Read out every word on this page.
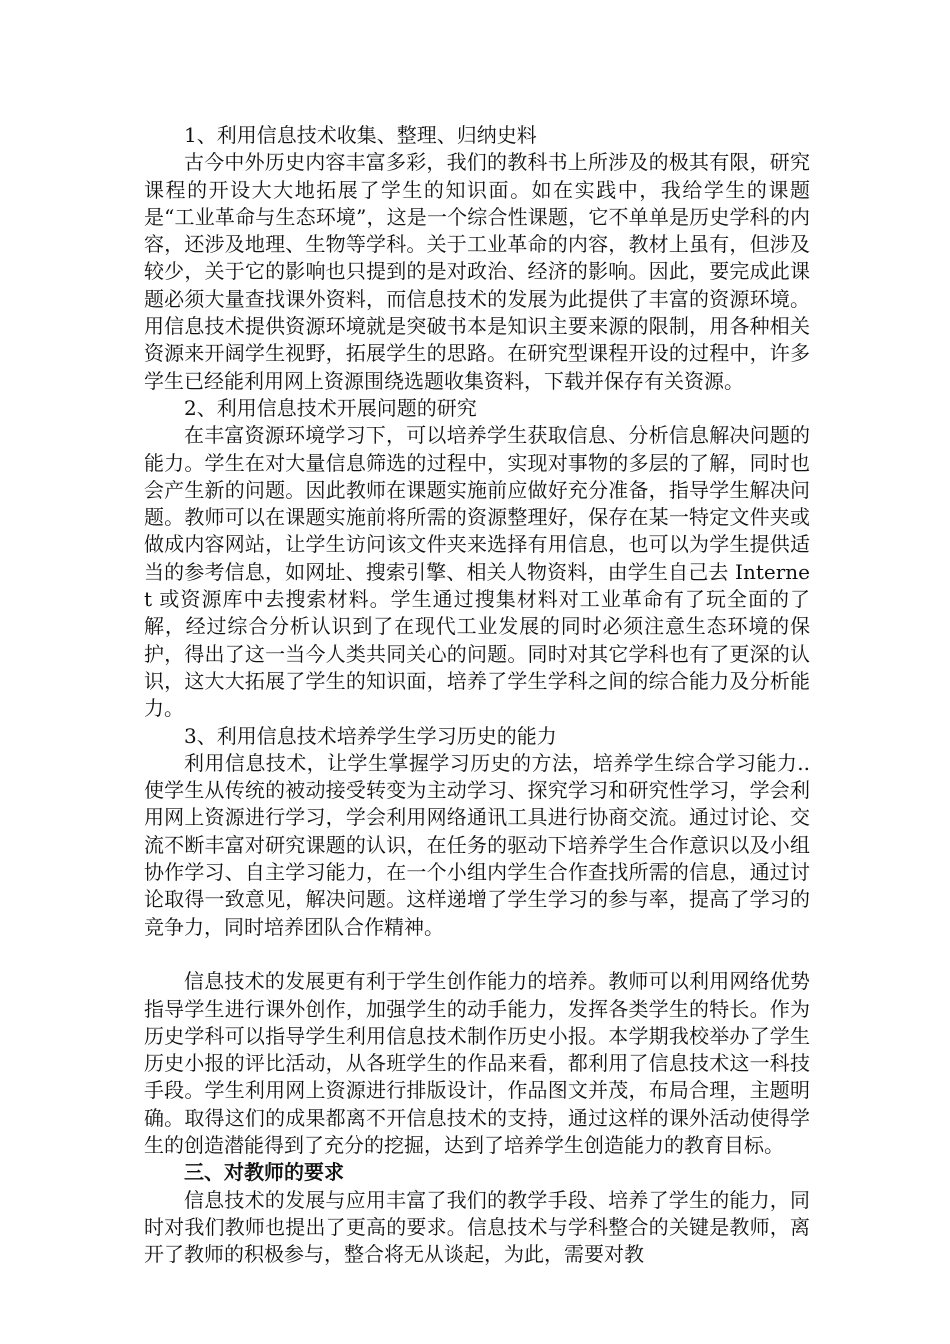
1、利用信息技术收集、整理、归纳史料

古今中外历史内容丰富多彩，我们的教科书上所涉及的极其有限，研究课程的开设大大地拓展了学生的知识面。如在实践中，我给学生的课题是“工业革命与生态环境”，这是一个综合性课题，它不单单是历史学科的内容，还涉及地理、生物等学科。关于工业革命的内容，教材上虽有，但涉及较少，关于它的影响也只提到的是对政治、经济的影响。因此，要完成此课题必须大量查找课外资料，而信息技术的发展为此提供了丰富的资源环境。用信息技术提供资源环境就是突破书本是知识主要来源的限制，用各种相关资源来开阔学生视野，拓展学生的思路。在研究型课程开设的过程中，许多学生已经能利用网上资源围绕选题收集资料，下载并保存有关资源。

2、利用信息技术开展问题的研究

在丰富资源环境学习下，可以培养学生获取信息、分析信息解决问题的能力。学生在对大量信息筛选的过程中，实现对事物的多层的了解，同时也会产生新的问题。因此教师在课题实施前应做好充分准备，指导学生解决问题。教师可以在课题实施前将所需的资源整理好，保存在某一特定文件夹或做成内容网站，让学生访问该文件夹来选择有用信息，也可以为学生提供适当的参考信息，如网址、搜索引擎、相关人物资料，由学生自己去 Internet 或资源库中去搜索材料。学生通过搜集材料对工业革命有了玩全面的了解，经过综合分析认识到了在现代工业发展的同时必须注意生态环境的保护，得出了这一当今人类共同关心的问题。同时对其它学科也有了更深的认识，这大大拓展了学生的知识面，培养了学生学科之间的综合能力及分析能力。

3、利用信息技术培养学生学习历史的能力

利用信息技术，让学生掌握学习历史的方法，培养学生综合学习能力..使学生从传统的被动接受转变为主动学习、探究学习和研究性学习，学会利用网上资源进行学习，学会利用网络通讯工具进行协商交流。通过讨论、交流不断丰富对研究课题的认识，在任务的驱动下培养学生合作意识以及小组协作学习、自主学习能力，在一个小组内学生合作查找所需的信息，通过讨论取得一致意见，解决问题。这样递增了学生学习的参与率，提高了学习的竞争力，同时培养团队合作精神。

信息技术的发展更有利于学生创作能力的培养。教师可以利用网络优势指导学生进行课外创作，加强学生的动手能力，发挥各类学生的特长。作为历史学科可以指导学生利用信息技术制作历史小报。本学期我校举办了学生历史小报的评比活动，从各班学生的作品来看，都利用了信息技术这一科技手段。学生利用网上资源进行排版设计，作品图文并茂，布局合理，主题明确。取得这们的成果都离不开信息技术的支持，通过这样的课外活动使得学生的创造潜能得到了充分的挖掘，达到了培养学生创造能力的教育目标。

三、对教师的要求

信息技术的发展与应用丰富了我们的教学手段、培养了学生的能力，同时对我们教师也提出了更高的要求。信息技术与学科整合的关键是教师，离开了教师的积极参与，整合将无从谈起，为此，需要对教
